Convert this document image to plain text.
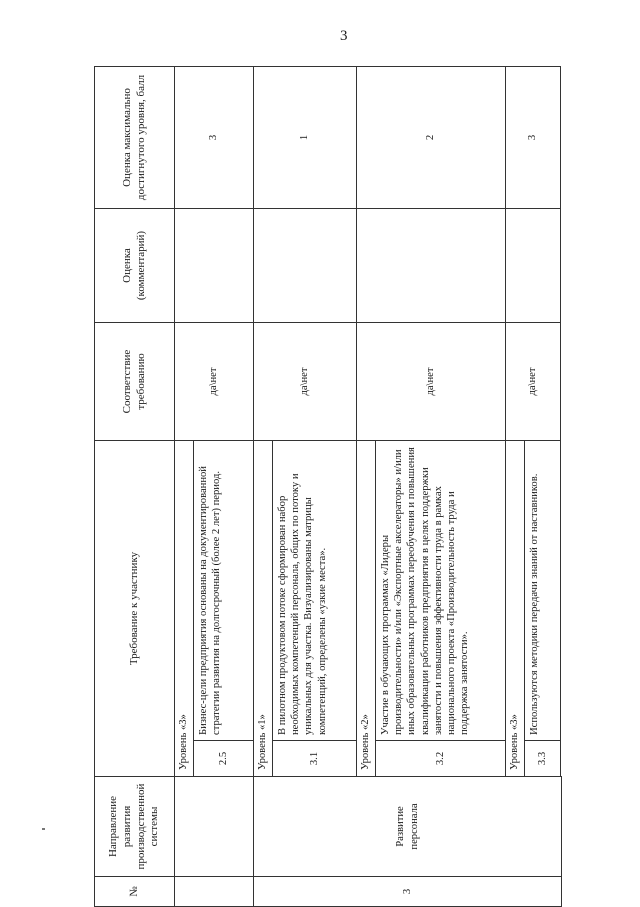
3
№	Направление развития производственной системы	Требование к участнику		Соответствие требованию	Оценка (комментарий)	Оценка максимально достигнутого уровня, балл
		Уровень «3»		да\нет		3
		2.5	Бизнес-цели предприятия основаны на документированной стратегии развития на долгосрочный (более 2 лет) период.			
3	Развитие персонала	Уровень «1»		да\нет		1
		3.1	В пилотном продуктовом потоке сформирован набор необходимых компетенций персонала, общих по потоку и уникальных для участка. Визуализированы матрицы компетенций, определены «узкие места».			
		Уровень «2»		да\нет		2
		3.2	Участие в обучающих программах «Лидеры производительности» и/или «Экспортные акселераторы» и/или иных образовательных программах переобучения и повышения квалификации работников предприятия в целях поддержки занятости и повышения эффективности труда в рамках национального проекта «Производительность труда и поддержка занятости».			
		Уровень «3»		да\нет		3
		3.3	Используются методики передачи знаний от наставников.			
